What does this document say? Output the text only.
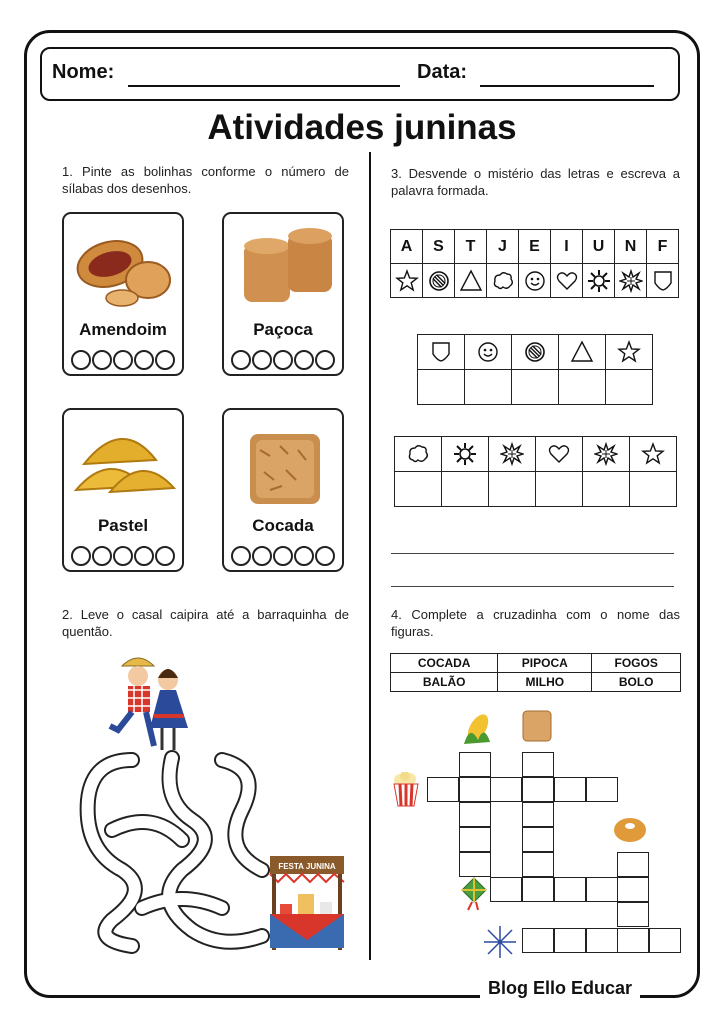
Nome:	Data:
Atividades juninas
1. Pinte as bolinhas conforme o número de sílabas dos desenhos.
Amendoim	Paçoca
Pastel	Cocada
2. Leve o casal caipira até a barraquinha de quentão.
FESTA JUNINA
3. Desvende o mistério das letras e escreva a palavra formada.
A	S	T	J	E	I	U	N	F

4. Complete a cruzadinha com o nome das figuras.
COCADA	PIPOCA	FOGOS
BALÃO	MILHO	BOLO
Blog Ello Educar
